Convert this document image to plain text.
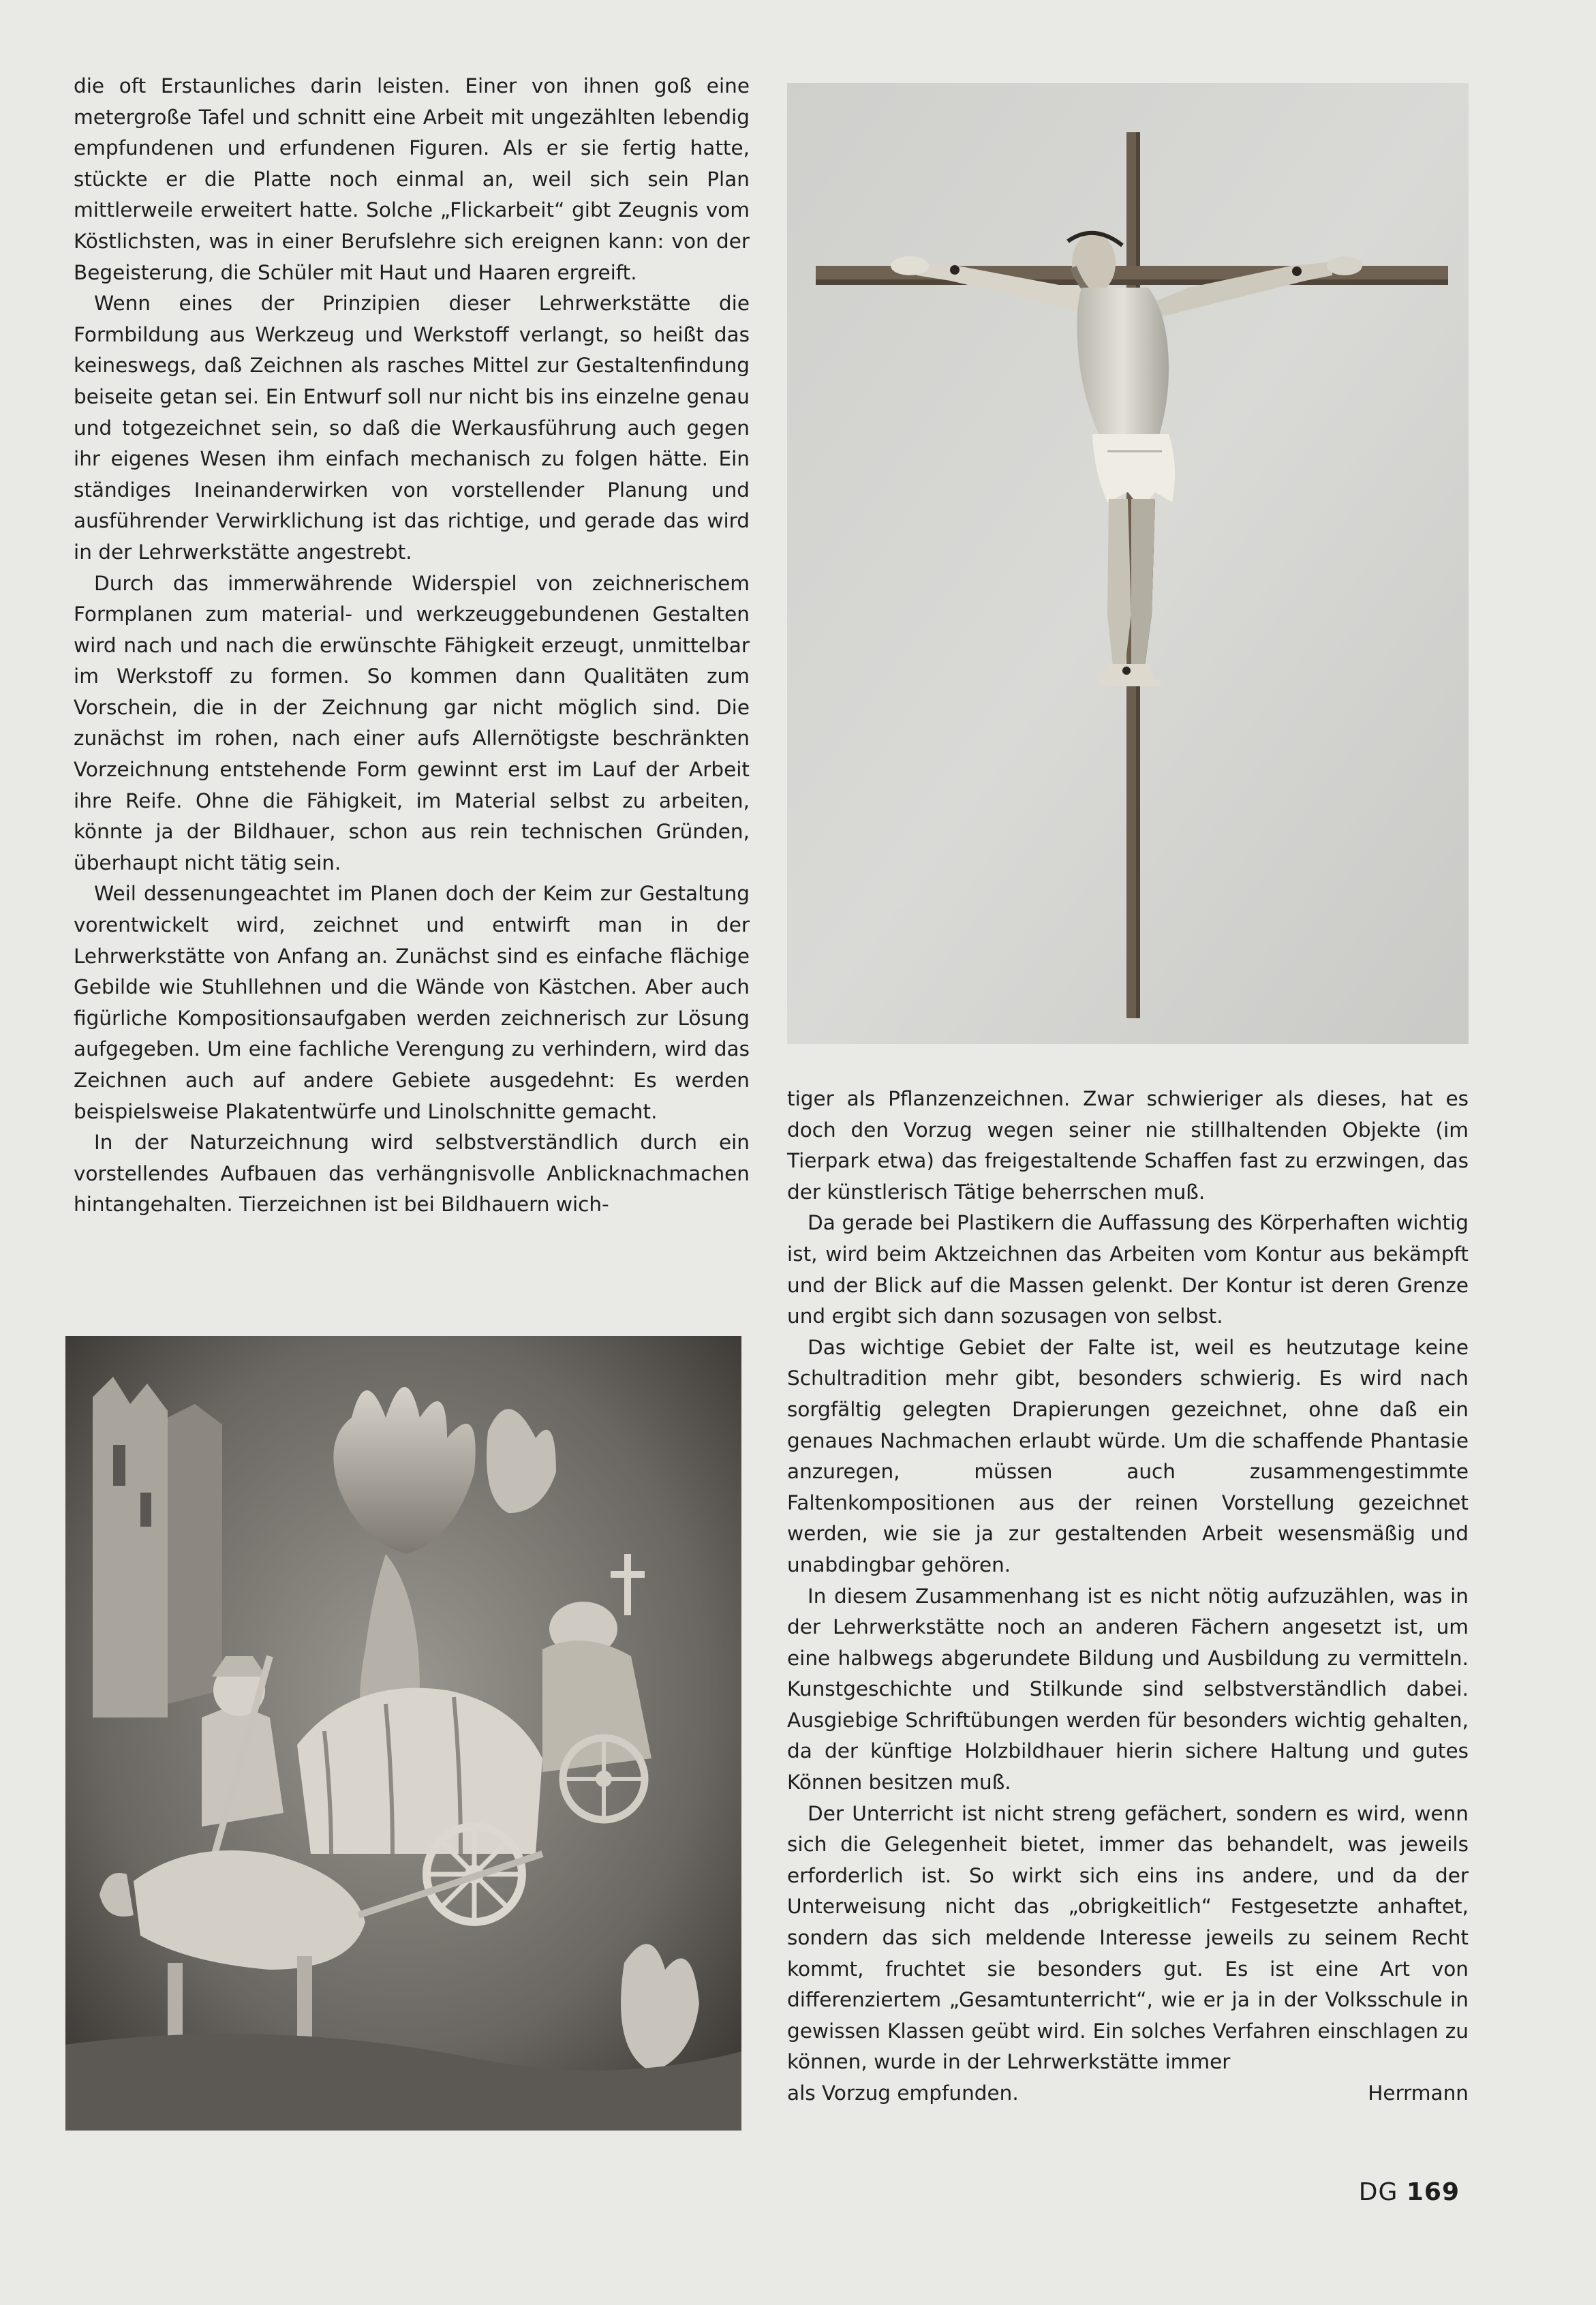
die oft Erstaunliches darin leisten. Einer von ihnen goß eine metergroße Tafel und schnitt eine Arbeit mit ungezählten lebendig empfundenen und erfundenen Figuren. Als er sie fertig hatte, stückte er die Platte noch einmal an, weil sich sein Plan mittlerweile erweitert hatte. Solche „Flickarbeit“ gibt Zeugnis vom Köstlichsten, was in einer Berufslehre sich ereignen kann: von der Begeisterung, die Schüler mit Haut und Haaren ergreift.

Wenn eines der Prinzipien dieser Lehrwerkstätte die Formbildung aus Werkzeug und Werkstoff verlangt, so heißt das keineswegs, daß Zeichnen als rasches Mittel zur Gestaltenfindung beiseite getan sei. Ein Entwurf soll nur nicht bis ins einzelne genau und totgezeichnet sein, so daß die Werkausführung auch gegen ihr eigenes Wesen ihm einfach mechanisch zu folgen hätte. Ein ständiges Ineinanderwirken von vorstellender Planung und ausführender Verwirklichung ist das richtige, und gerade das wird in der Lehrwerkstätte angestrebt.

Durch das immerwährende Widerspiel von zeichnerischem Formplanen zum material- und werkzeuggebundenen Gestalten wird nach und nach die erwünschte Fähigkeit erzeugt, unmittelbar im Werkstoff zu formen. So kommen dann Qualitäten zum Vorschein, die in der Zeichnung gar nicht möglich sind. Die zunächst im rohen, nach einer aufs Allernötigste beschränkten Vorzeichnung entstehende Form gewinnt erst im Lauf der Arbeit ihre Reife. Ohne die Fähigkeit, im Material selbst zu arbeiten, könnte ja der Bildhauer, schon aus rein technischen Gründen, überhaupt nicht tätig sein.

Weil dessenungeachtet im Planen doch der Keim zur Gestaltung vorentwickelt wird, zeichnet und entwirft man in der Lehrwerkstätte von Anfang an. Zunächst sind es einfache flächige Gebilde wie Stuhllehnen und die Wände von Kästchen. Aber auch figürliche Kompositionsaufgaben werden zeichnerisch zur Lösung aufgegeben. Um eine fachliche Verengung zu verhindern, wird das Zeichnen auch auf andere Gebiete ausgedehnt: Es werden beispielsweise Plakatentwürfe und Linolschnitte gemacht.

In der Naturzeichnung wird selbstverständlich durch ein vorstellendes Aufbauen das verhängnisvolle Anblicknachmachen hintangehalten. Tierzeichnen ist bei Bildhauern wich-

tiger als Pflanzenzeichnen. Zwar schwieriger als dieses, hat es doch den Vorzug wegen seiner nie stillhaltenden Objekte (im Tierpark etwa) das freigestaltende Schaffen fast zu erzwingen, das der künstlerisch Tätige beherrschen muß.

Da gerade bei Plastikern die Auffassung des Körperhaften wichtig ist, wird beim Aktzeichnen das Arbeiten vom Kontur aus bekämpft und der Blick auf die Massen gelenkt. Der Kontur ist deren Grenze und ergibt sich dann sozusagen von selbst.

Das wichtige Gebiet der Falte ist, weil es heutzutage keine Schultradition mehr gibt, besonders schwierig. Es wird nach sorgfältig gelegten Drapierungen gezeichnet, ohne daß ein genaues Nachmachen erlaubt würde. Um die schaffende Phantasie anzuregen, müssen auch zusammengestimmte Faltenkompositionen aus der reinen Vorstellung gezeichnet werden, wie sie ja zur gestaltenden Arbeit wesensmäßig und unabdingbar gehören.

In diesem Zusammenhang ist es nicht nötig aufzuzählen, was in der Lehrwerkstätte noch an anderen Fächern angesetzt ist, um eine halbwegs abgerundete Bildung und Ausbildung zu vermitteln. Kunstgeschichte und Stilkunde sind selbstverständlich dabei. Ausgiebige Schriftübungen werden für besonders wichtig gehalten, da der künftige Holzbildhauer hierin sichere Haltung und gutes Können besitzen muß.

Der Unterricht ist nicht streng gefächert, sondern es wird, wenn sich die Gelegenheit bietet, immer das behandelt, was jeweils erforderlich ist. So wirkt sich eins ins andere, und da der Unterweisung nicht das „obrigkeitlich“ Festgesetzte anhaftet, sondern das sich meldende Interesse jeweils zu seinem Recht kommt, fruchtet sie besonders gut. Es ist eine Art von differenziertem „Gesamtunterricht“, wie er ja in der Volksschule in gewissen Klassen geübt wird. Ein solches Verfahren einschlagen zu können, wurde in der Lehrwerkstätte immer

als Vorzug empfunden.	Herrmann
DG 169
